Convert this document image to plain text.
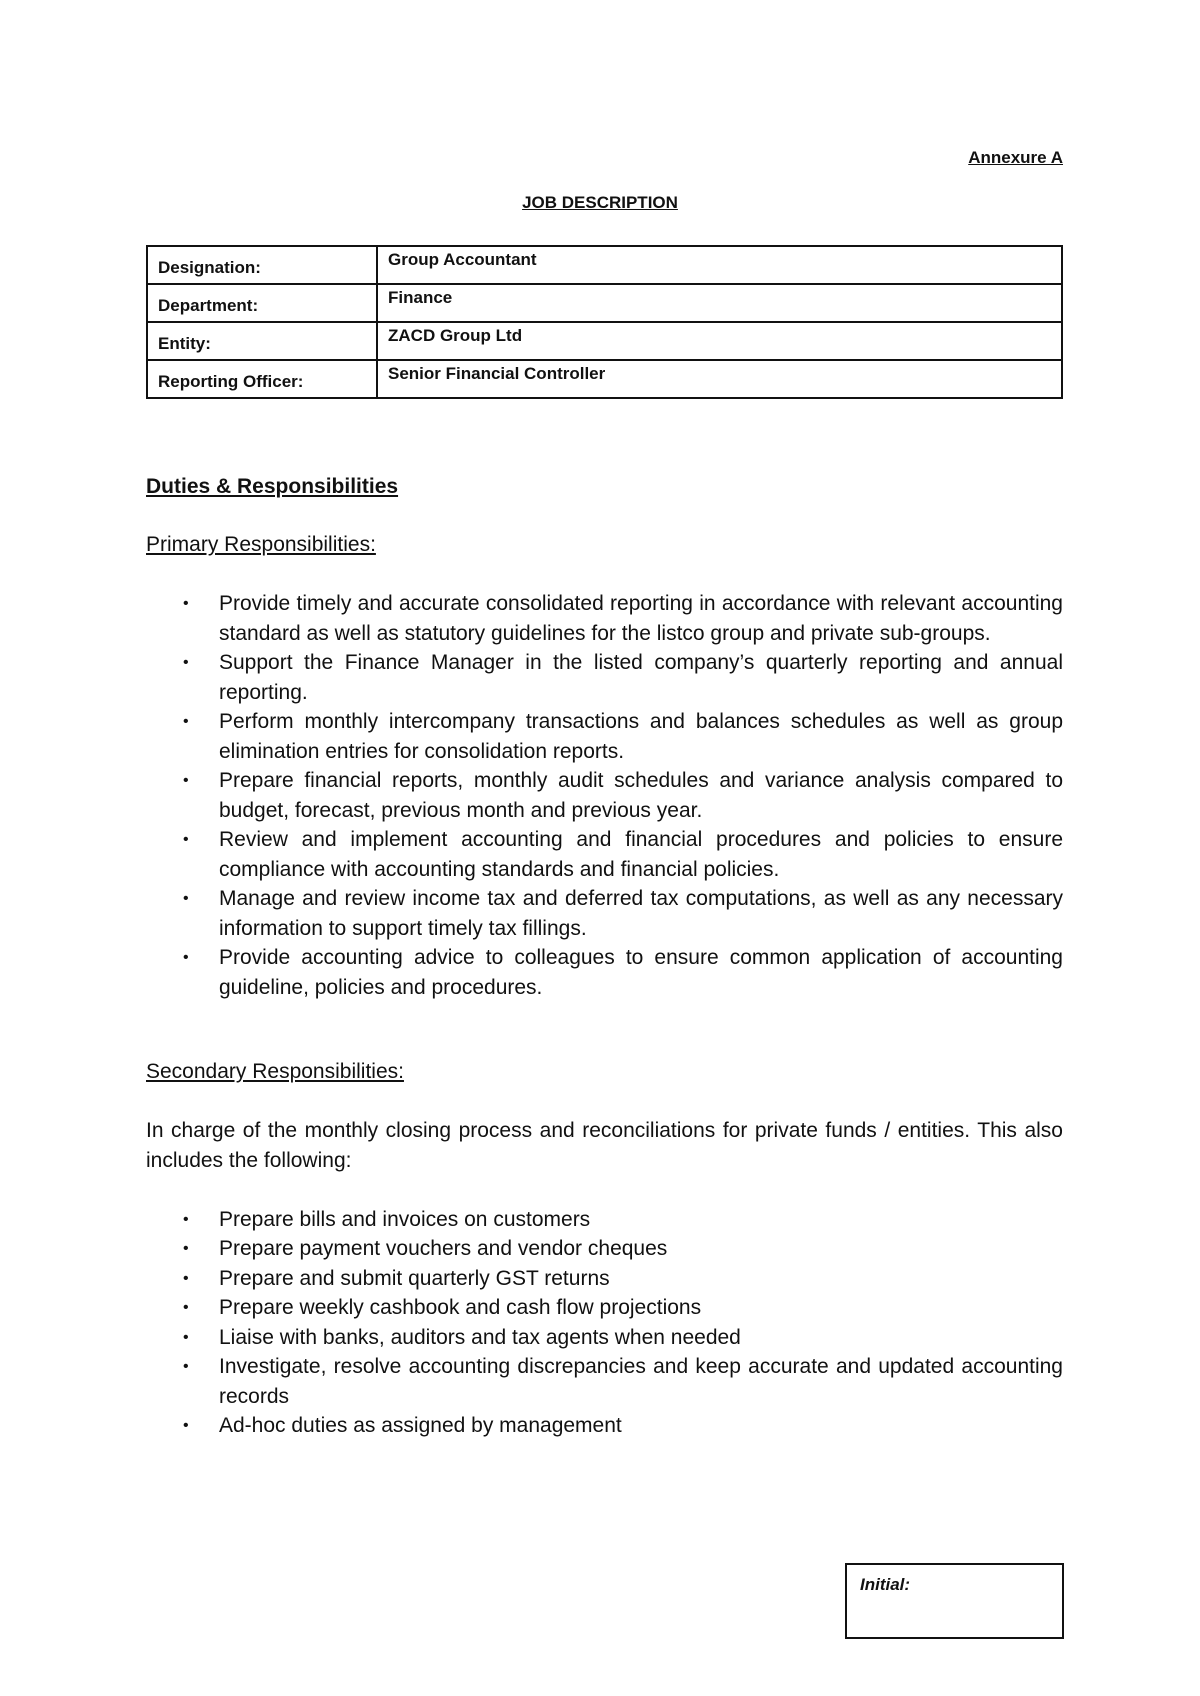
Annexure A
JOB DESCRIPTION
Designation:	Group Accountant
Department:	Finance
Entity:	ZACD Group Ltd
Reporting Officer:	Senior Financial Controller
Duties & Responsibilities
Primary Responsibilities:
• Provide timely and accurate consolidated reporting in accordance with relevant accounting standard as well as statutory guidelines for the listco group and private sub-groups.
• Support the Finance Manager in the listed company’s quarterly reporting and annual reporting.
• Perform monthly intercompany transactions and balances schedules as well as group elimination entries for consolidation reports.
• Prepare financial reports, monthly audit schedules and variance analysis compared to budget, forecast, previous month and previous year.
• Review and implement accounting and financial procedures and policies to ensure compliance with accounting standards and financial policies.
• Manage and review income tax and deferred tax computations, as well as any necessary information to support timely tax fillings.
• Provide accounting advice to colleagues to ensure common application of accounting guideline, policies and procedures.
Secondary Responsibilities:
In charge of the monthly closing process and reconciliations for private funds / entities. This also includes the following:
• Prepare bills and invoices on customers
• Prepare payment vouchers and vendor cheques
• Prepare and submit quarterly GST returns
• Prepare weekly cashbook and cash flow projections
• Liaise with banks, auditors and tax agents when needed
• Investigate, resolve accounting discrepancies and keep accurate and updated accounting records
• Ad-hoc duties as assigned by management
Initial:
